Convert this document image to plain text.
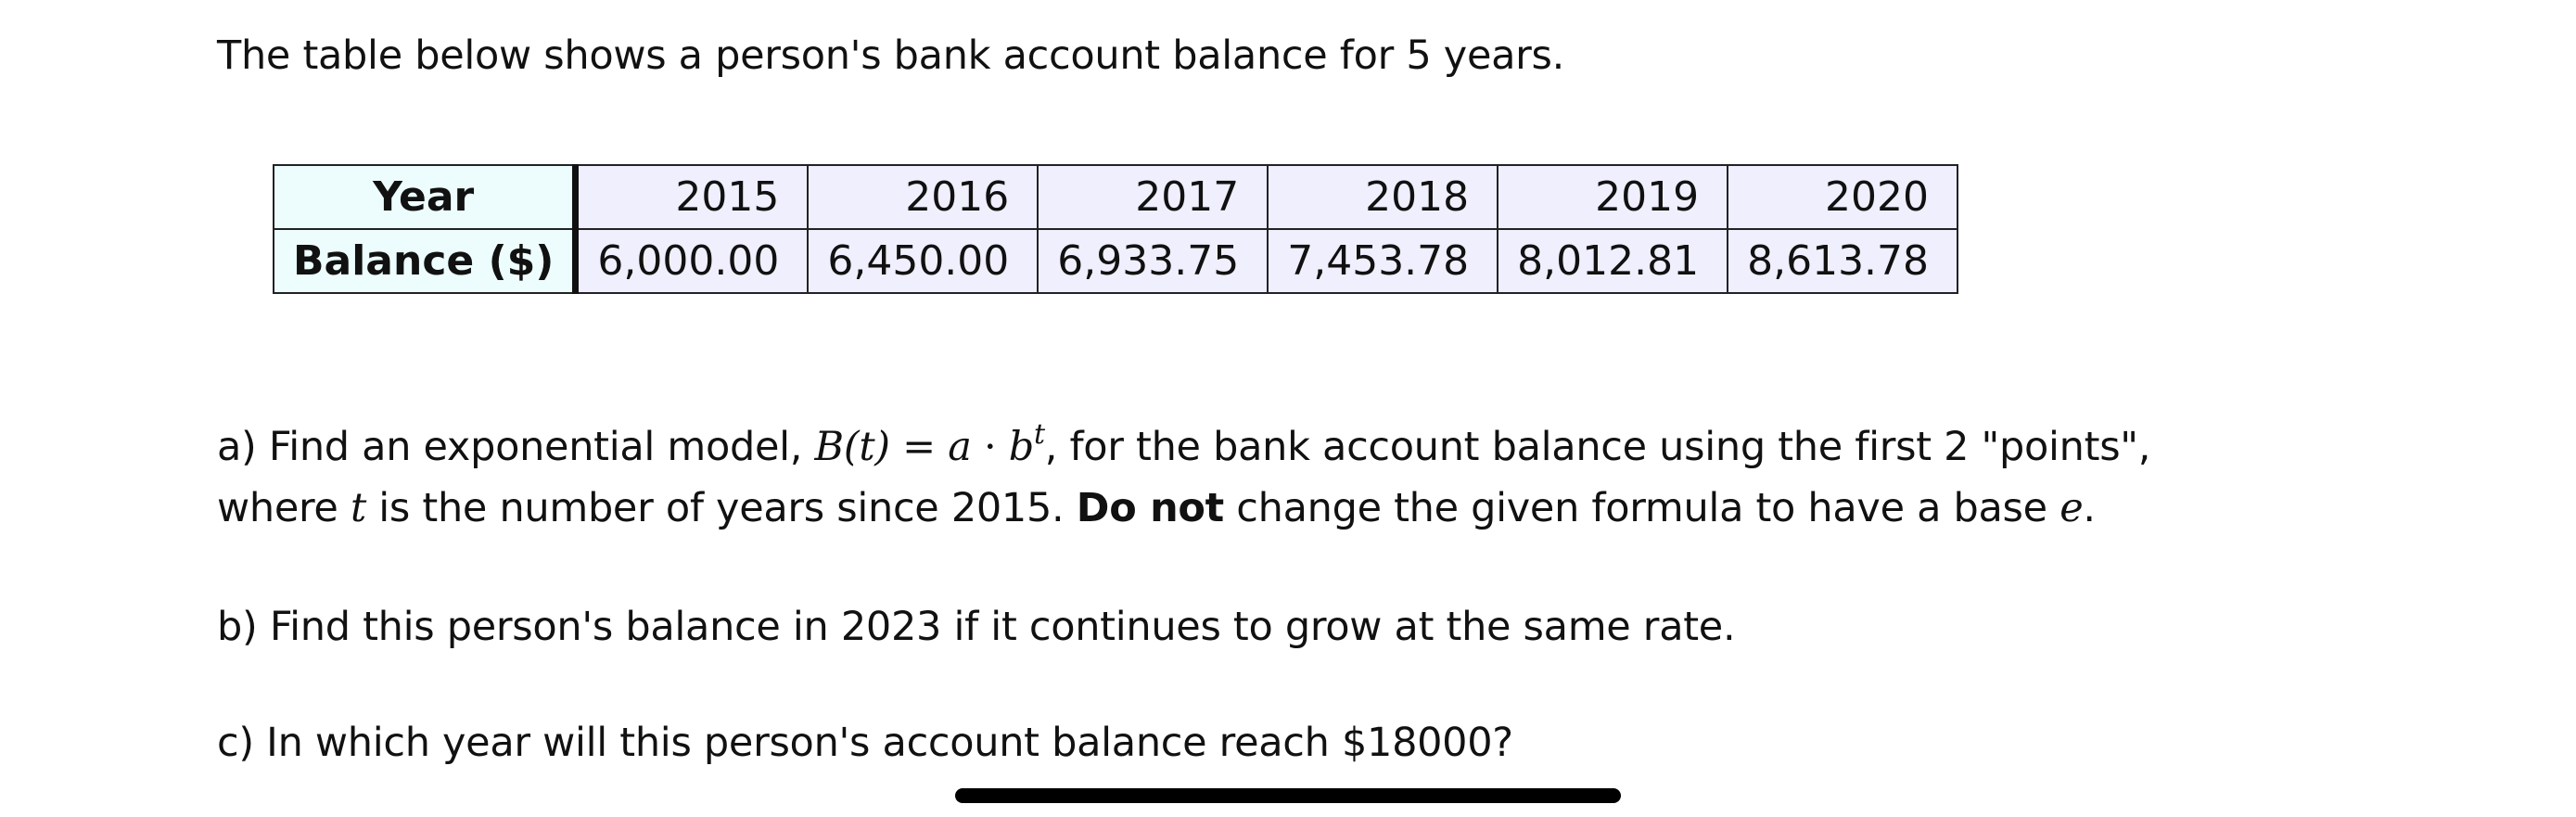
The table below shows a person's bank account balance for 5 years.
Year	2015	2016	2017	2018	2019	2020
Balance ($)	6,000.00	6,450.00	6,933.75	7,453.78	8,012.81	8,613.78
a) Find an exponential model, $B(t) = a \cdot b^t$, for the bank account balance using the first 2 "points",
where t is the number of years since 2015. Do not change the given formula to have a base e.
b) Find this person's balance in 2023 if it continues to grow at the same rate.
c) In which year will this person's account balance reach $18000?
